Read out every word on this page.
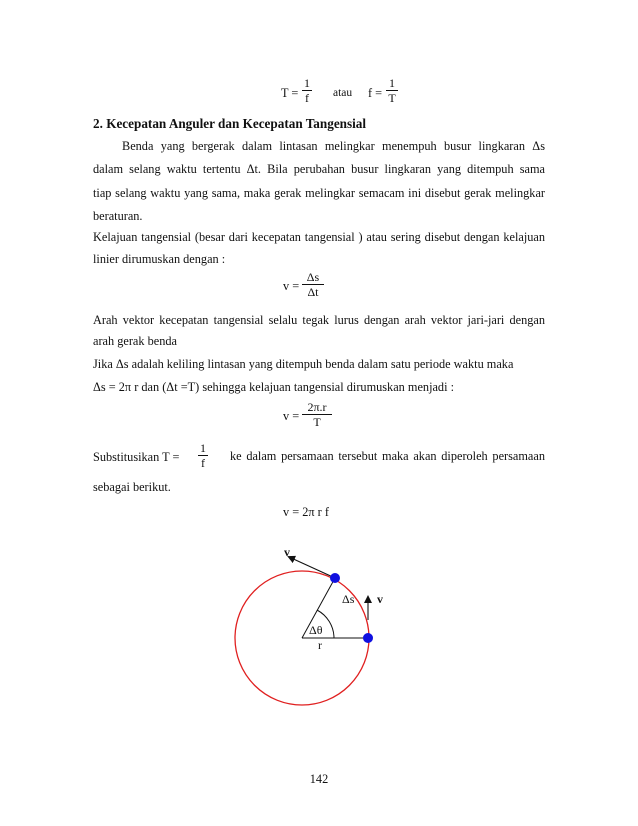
T =
1
f atau f =
1
T
2. Kecepatan Anguler dan Kecepatan Tangensial
Benda yang bergerak dalam lintasan melingkar menempuh busur lingkaran Δs
dalam selang waktu tertentu Δt. Bila perubahan busur lingkaran yang ditempuh sama
tiap selang waktu yang sama, maka gerak melingkar semacam ini disebut gerak melingkar
beraturan.
Kelajuan tangensial (besar dari kecepatan tangensial ) atau sering disebut dengan kelajuan
linier dirumuskan dengan :
v =
Δs
Δt
Arah vektor kecepatan tangensial selalu tegak lurus dengan arah vektor jari-jari dengan
arah gerak benda
Jika Δs adalah keliling lintasan yang ditempuh benda dalam satu periode waktu maka
Δs = 2π r dan (Δt =T) sehingga kelajuan tangensial dirumuskan menjadi :
v =
2π.r
T
Substitusikan T =
1
f ke dalam persamaan tersebut maka akan diperoleh persamaan
sebagai berikut.
v = 2π r f
v
v
Δs
Δθ
r
142
